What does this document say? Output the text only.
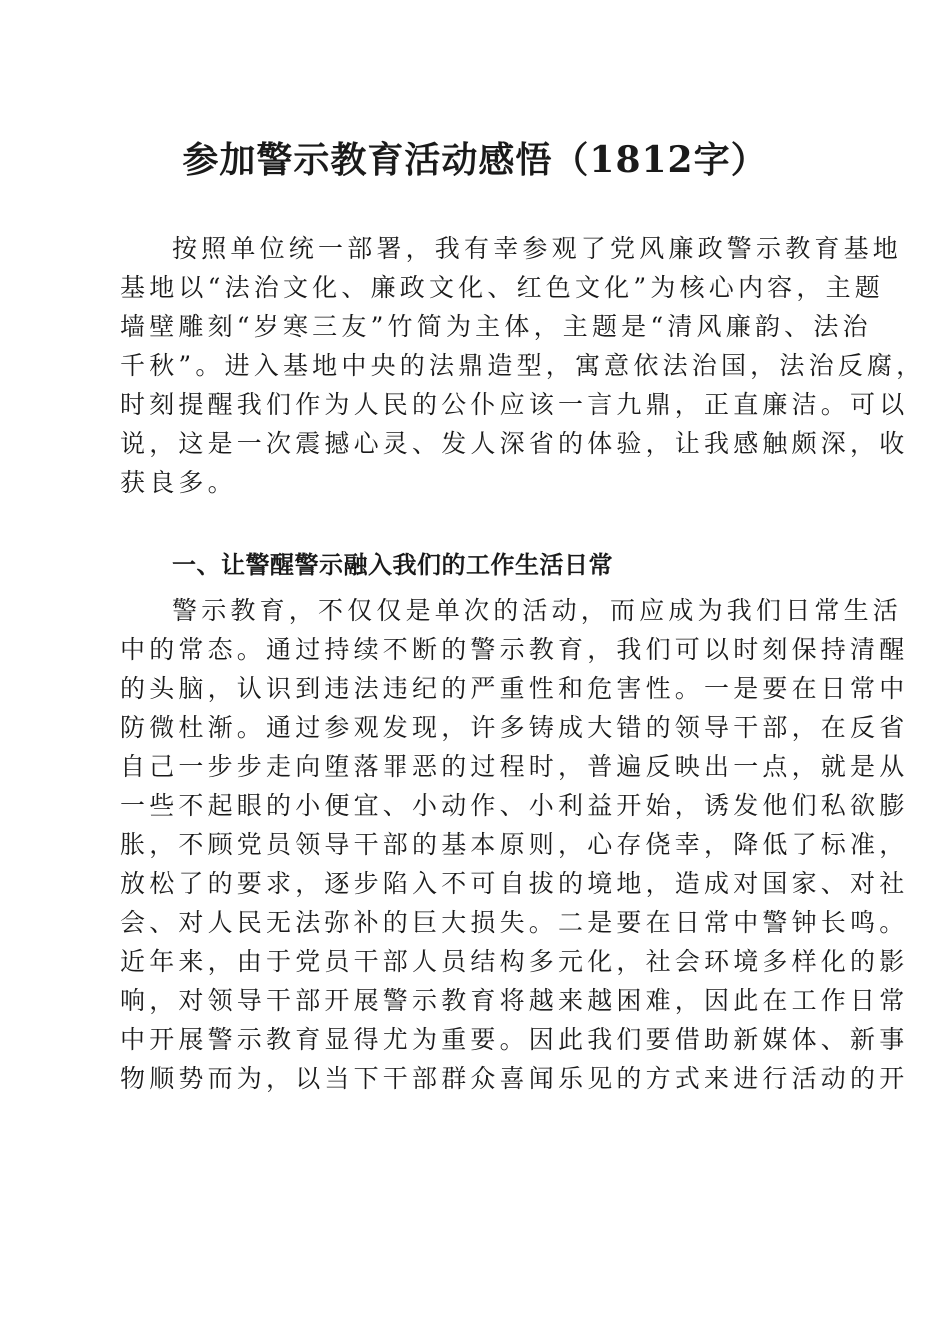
参加警示教育活动感悟（1812字）
按照单位统一部署，我有幸参观了党风廉政警示教育基地
基地以“法治文化、廉政文化、红色文化”为核心内容，主题
墙壁雕刻“岁寒三友”竹简为主体，主题是“清风廉韵、法治
千秋”。进入基地中央的法鼎造型，寓意依法治国，法治反腐，
时刻提醒我们作为人民的公仆应该一言九鼎，正直廉洁。可以
说，这是一次震撼心灵、发人深省的体验，让我感触颇深，收
获良多。
一、让警醒警示融入我们的工作生活日常
警示教育，不仅仅是单次的活动，而应成为我们日常生活
中的常态。通过持续不断的警示教育，我们可以时刻保持清醒
的头脑，认识到违法违纪的严重性和危害性。一是要在日常中
防微杜渐。通过参观发现，许多铸成大错的领导干部，在反省
自己一步步走向堕落罪恶的过程时，普遍反映出一点，就是从
一些不起眼的小便宜、小动作、小利益开始，诱发他们私欲膨
胀，不顾党员领导干部的基本原则，心存侥幸，降低了标准，
放松了的要求，逐步陷入不可自拔的境地，造成对国家、对社
会、对人民无法弥补的巨大损失。二是要在日常中警钟长鸣。
近年来，由于党员干部人员结构多元化，社会环境多样化的影
响，对领导干部开展警示教育将越来越困难，因此在工作日常
中开展警示教育显得尤为重要。因此我们要借助新媒体、新事
物顺势而为，以当下干部群众喜闻乐见的方式来进行活动的开
